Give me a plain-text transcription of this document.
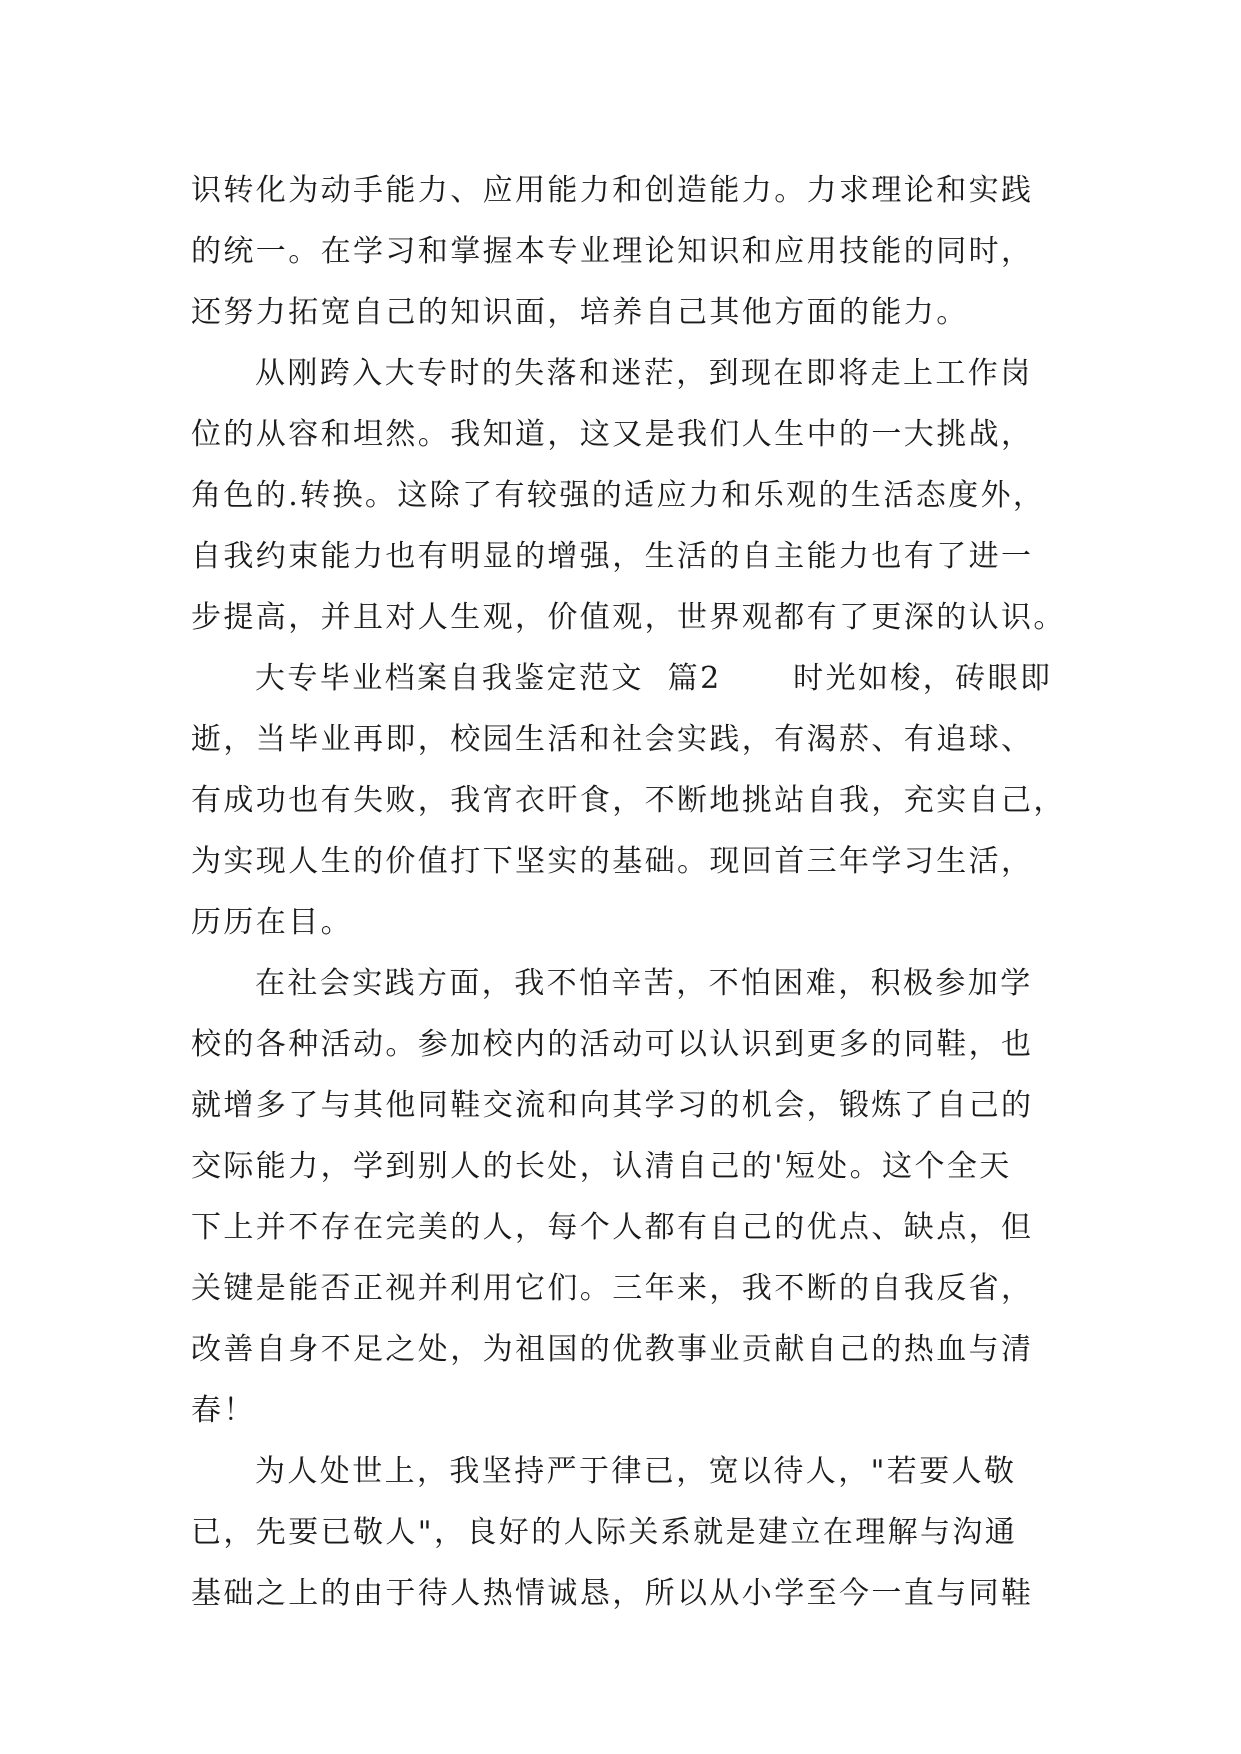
识转化为动手能力、应用能力和创造能力。力求理论和实践
的统一。在学习和掌握本专业理论知识和应用技能的同时，
还努力拓宽自己的知识面，培养自己其他方面的能力。
从刚跨入大专时的失落和迷茫，到现在即将走上工作岗
位的从容和坦然。我知道，这又是我们人生中的一大挑战，
角色的.转换。这除了有较强的适应力和乐观的生活态度外，
自我约束能力也有明显的增强，生活的自主能力也有了进一
步提高，并且对人生观，价值观，世界观都有了更深的认识。
大专毕业档案自我鉴定范文  篇2      时光如梭，砖眼即
逝，当毕业再即，校园生活和社会实践，有渴菸、有追球、
有成功也有失败，我宵衣旰食，不断地挑站自我，充实自己，
为实现人生的价值打下坚实的基础。现回首三年学习生活，
历历在目。
在社会实践方面，我不怕辛苦，不怕困难，积极参加学
校的各种活动。参加校内的活动可以认识到更多的同鞋，也
就增多了与其他同鞋交流和向其学习的机会，锻炼了自己的
交际能力，学到别人的长处，认清自己的'短处。这个全天
下上并不存在完美的人，每个人都有自己的优点、缺点，但
关键是能否正视并利用它们。三年来，我不断的自我反省，
改善自身不足之处，为祖国的优教事业贡献自己的热血与清
春！
为人处世上，我坚持严于律已，宽以待人，"若要人敬
已，先要已敬人"，良好的人际关系就是建立在理解与沟通
基础之上的由于待人热情诚恳，所以从小学至今一直与同鞋
